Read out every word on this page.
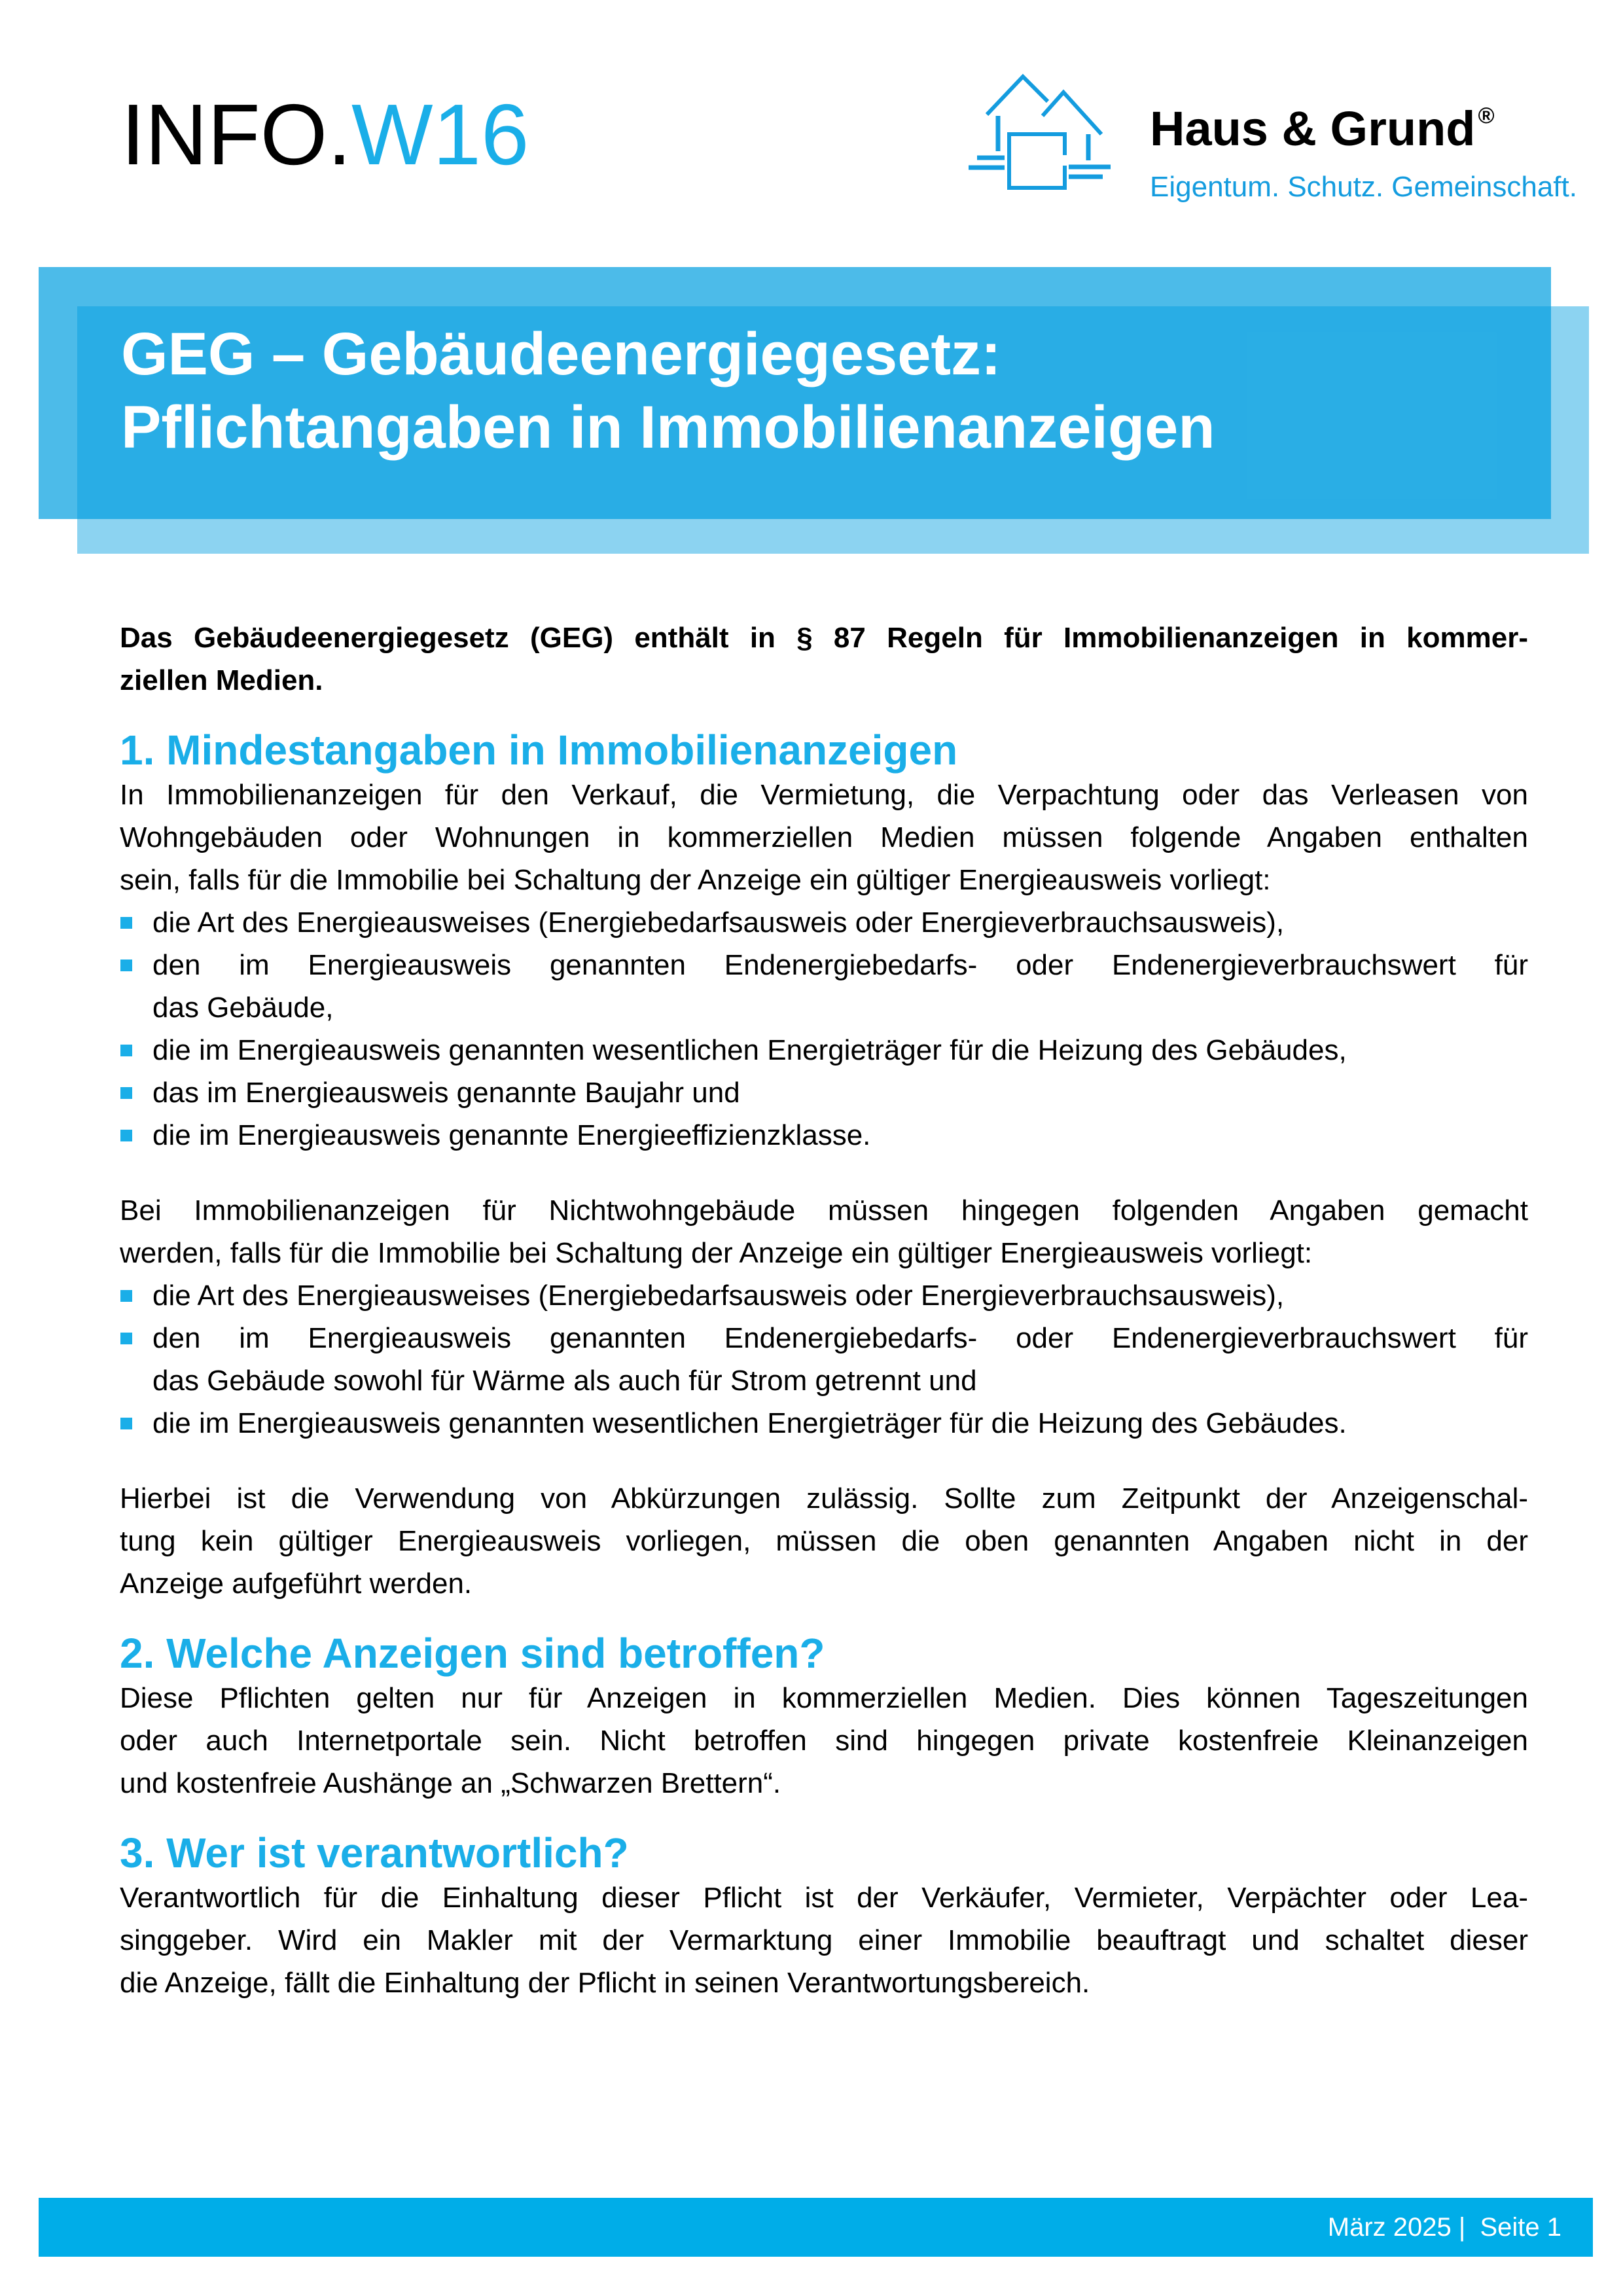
INFO.W16	Haus & Grund ®
Eigentum. Schutz. Gemeinschaft.
GEG – Gebäudeenergiegesetz:
Pflichtangaben in Immobilienanzeigen
Das Gebäudeenergiegesetz (GEG) enthält in § 87 Regeln für Immobilienanzeigen in kommer-
ziellen Medien.
1. Mindestangaben in Immobilienanzeigen
In Immobilienanzeigen für den Verkauf, die Vermietung, die Verpachtung oder das Verleasen von
Wohngebäuden oder Wohnungen in kommerziellen Medien müssen folgende Angaben enthalten
sein, falls für die Immobilie bei Schaltung der Anzeige ein gültiger Energieausweis vorliegt:
die Art des Energieausweises (Energiebedarfsausweis oder Energieverbrauchsausweis),
den im Energieausweis genannten Endenergiebedarfs- oder Endenergieverbrauchswert für
das Gebäude,
die im Energieausweis genannten wesentlichen Energieträger für die Heizung des Gebäudes,
das im Energieausweis genannte Baujahr und
die im Energieausweis genannte Energieeffizienzklasse.
Bei Immobilienanzeigen für Nichtwohngebäude müssen hingegen folgenden Angaben gemacht
werden, falls für die Immobilie bei Schaltung der Anzeige ein gültiger Energieausweis vorliegt:
die Art des Energieausweises (Energiebedarfsausweis oder Energieverbrauchsausweis),
den im Energieausweis genannten Endenergiebedarfs- oder Endenergieverbrauchswert für
das Gebäude sowohl für Wärme als auch für Strom getrennt und
die im Energieausweis genannten wesentlichen Energieträger für die Heizung des Gebäudes.
Hierbei ist die Verwendung von Abkürzungen zulässig. Sollte zum Zeitpunkt der Anzeigenschal-
tung kein gültiger Energieausweis vorliegen, müssen die oben genannten Angaben nicht in der
Anzeige aufgeführt werden.
2. Welche Anzeigen sind betroffen?
Diese Pflichten gelten nur für Anzeigen in kommerziellen Medien. Dies können Tageszeitungen
oder auch Internetportale sein. Nicht betroffen sind hingegen private kostenfreie Kleinanzeigen
und kostenfreie Aushänge an „Schwarzen Brettern“.
3. Wer ist verantwortlich?
Verantwortlich für die Einhaltung dieser Pflicht ist der Verkäufer, Vermieter, Verpächter oder Lea-
singgeber. Wird ein Makler mit der Vermarktung einer Immobilie beauftragt und schaltet dieser
die Anzeige, fällt die Einhaltung der Pflicht in seinen Verantwortungsbereich.
März 2025 |  Seite 1
